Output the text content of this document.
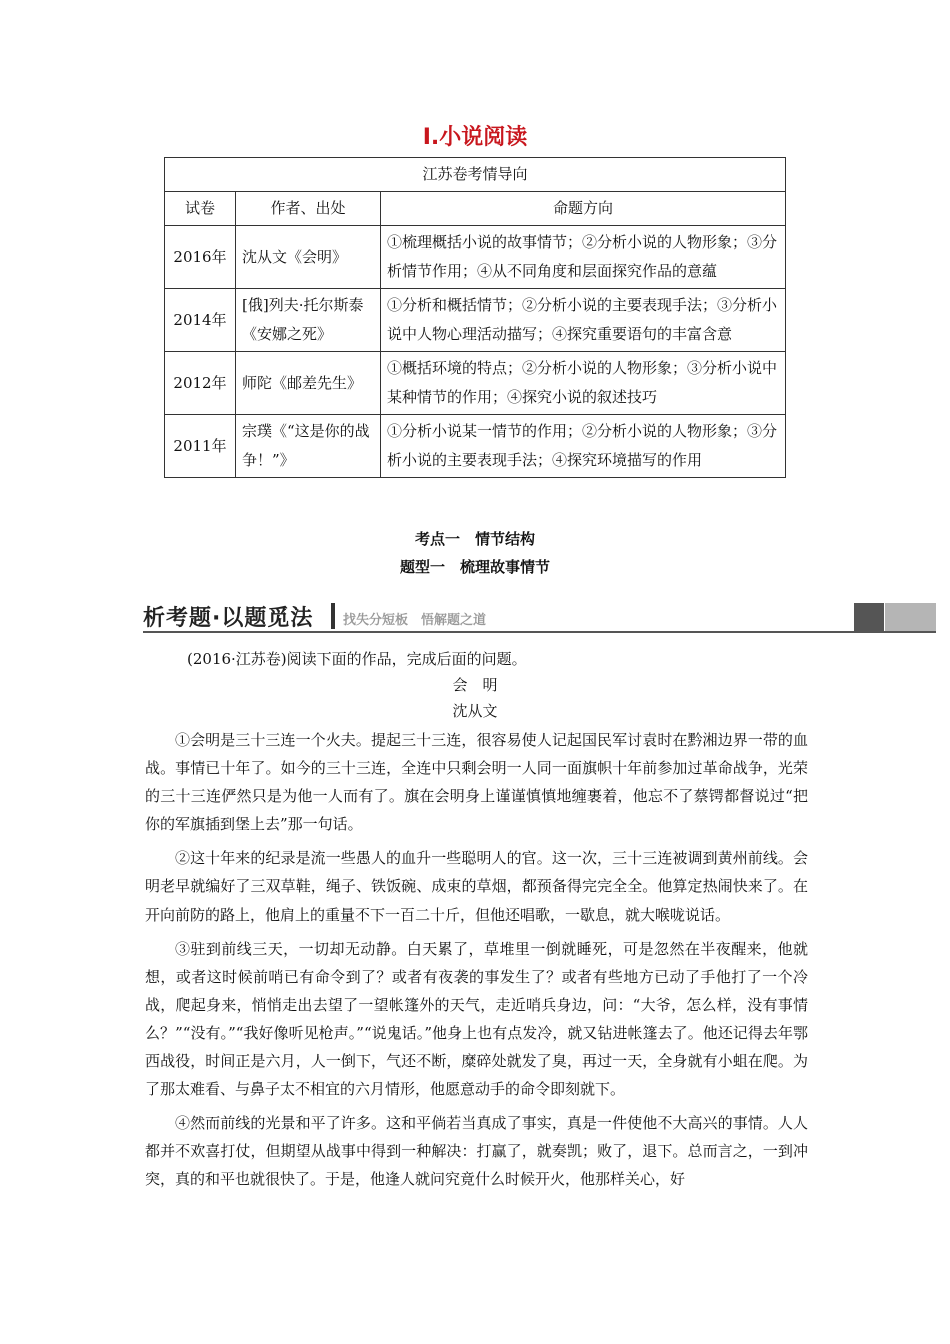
Ⅰ.小说阅读
江苏卷考情导向		
试卷	作者、出处	命题方向
2016年	沈从文《会明》	①梳理概括小说的故事情节；②分析小说的人物形象；③分析情节作用；④从不同角度和层面探究作品的意蕴
2014年	[俄]列夫·托尔斯泰《安娜之死》	①分析和概括情节；②分析小说的主要表现手法；③分析小说中人物心理活动描写；④探究重要语句的丰富含意
2012年	师陀《邮差先生》	①概括环境的特点；②分析小说的人物形象；③分析小说中某种情节的作用；④探究小说的叙述技巧
2011年	宗璞《“这是你的战争！”》	①分析小说某一情节的作用；②分析小说的人物形象；③分析小说的主要表现手法；④探究环境描写的作用
考点一　情节结构
题型一　梳理故事情节
析考题·以题觅法 找失分短板　悟解题之道
(2016·江苏卷)阅读下面的作品，完成后面的问题。
会　明
沈从文

①会明是三十三连一个火夫。提起三十三连，很容易使人记起国民军讨袁时在黔湘边界一带的血战。事情已十年了。如今的三十三连，全连中只剩会明一人同一面旗帜十年前参加过革命战争，光荣的三十三连俨然只是为他一人而有了。旗在会明身上谨谨慎慎地缠裹着，他忘不了蔡锷都督说过“把你的军旗插到堡上去”那一句话。

②这十年来的纪录是流一些愚人的血升一些聪明人的官。这一次，三十三连被调到黄州前线。会明老早就编好了三双草鞋，绳子、铁饭碗、成束的草烟，都预备得完完全全。他算定热闹快来了。在开向前防的路上，他肩上的重量不下一百二十斤，但他还唱歌，一歇息，就大喉咙说话。

③驻到前线三天，一切却无动静。白天累了，草堆里一倒就睡死，可是忽然在半夜醒来，他就想，或者这时候前哨已有命令到了？或者有夜袭的事发生了？或者有些地方已动了手他打了一个冷战，爬起身来，悄悄走出去望了一望帐篷外的天气，走近哨兵身边，问：“大爷，怎么样，没有事情么？”“没有。”“我好像听见枪声。”“说鬼话。”他身上也有点发冷，就又钻进帐篷去了。他还记得去年鄂西战役，时间正是六月，人一倒下，气还不断，糜碎处就发了臭，再过一天，全身就有小蛆在爬。为了那太难看、与鼻子太不相宜的六月情形，他愿意动手的命令即刻就下。

④然而前线的光景和平了许多。这和平倘若当真成了事实，真是一件使他不大高兴的事情。人人都并不欢喜打仗，但期望从战事中得到一种解决：打赢了，就奏凯；败了，退下。总而言之，一到冲突，真的和平也就很快了。于是，他逢人就问究竟什么时候开火，他那样关心，好
